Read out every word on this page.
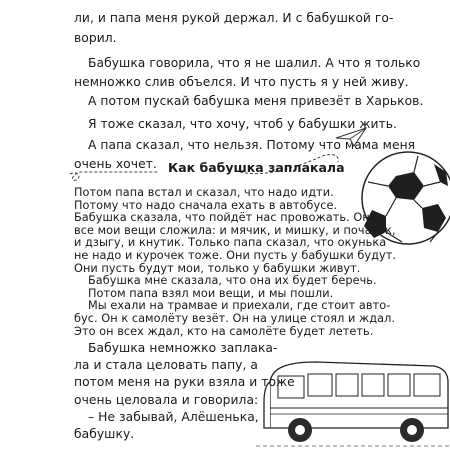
ли, и папа меня рукой держал. И с бабушкой го-
ворил.
Бабушка говорила, что я не шалил. А что я только
немножко слив объелся. И что пусть я у ней живу.
А потом пускай бабушка меня привезёт в Харьков.
Я тоже сказал, что хочу, чтоб у бабушки жить.
А папа сказал, что нельзя. Потому что мама меня
очень хочет. Как бабушка заплакала
Потом папа встал и сказал, что надо идти.
Потому что надо сначала ехать в автобусе.
Бабушка сказала, что пойдёт нас провожать. Она
все мои вещи сложила: и мячик, и мишку, и початок,
и дзыгу, и кнутик. Только папа сказал, что окунька
не надо и курочек тоже. Они пусть у бабушки будут.
Они пусть будут мои, только у бабушки живут.
Бабушка мне сказала, что она их будет беречь.
Потом папа взял мои вещи, и мы пошли.
Мы ехали на трамвае и приехали, где стоит авто-
бус. Он к самолёту везёт. Он на улице стоял и ждал.
Это он всех ждал, кто на самолёте будет лететь.
Бабушка немножко заплака-
ла и стала целовать папу, а
потом меня на руки взяла и тоже
очень целовала и говорила:
– Не забывай, Алёшенька,
бабушку.
